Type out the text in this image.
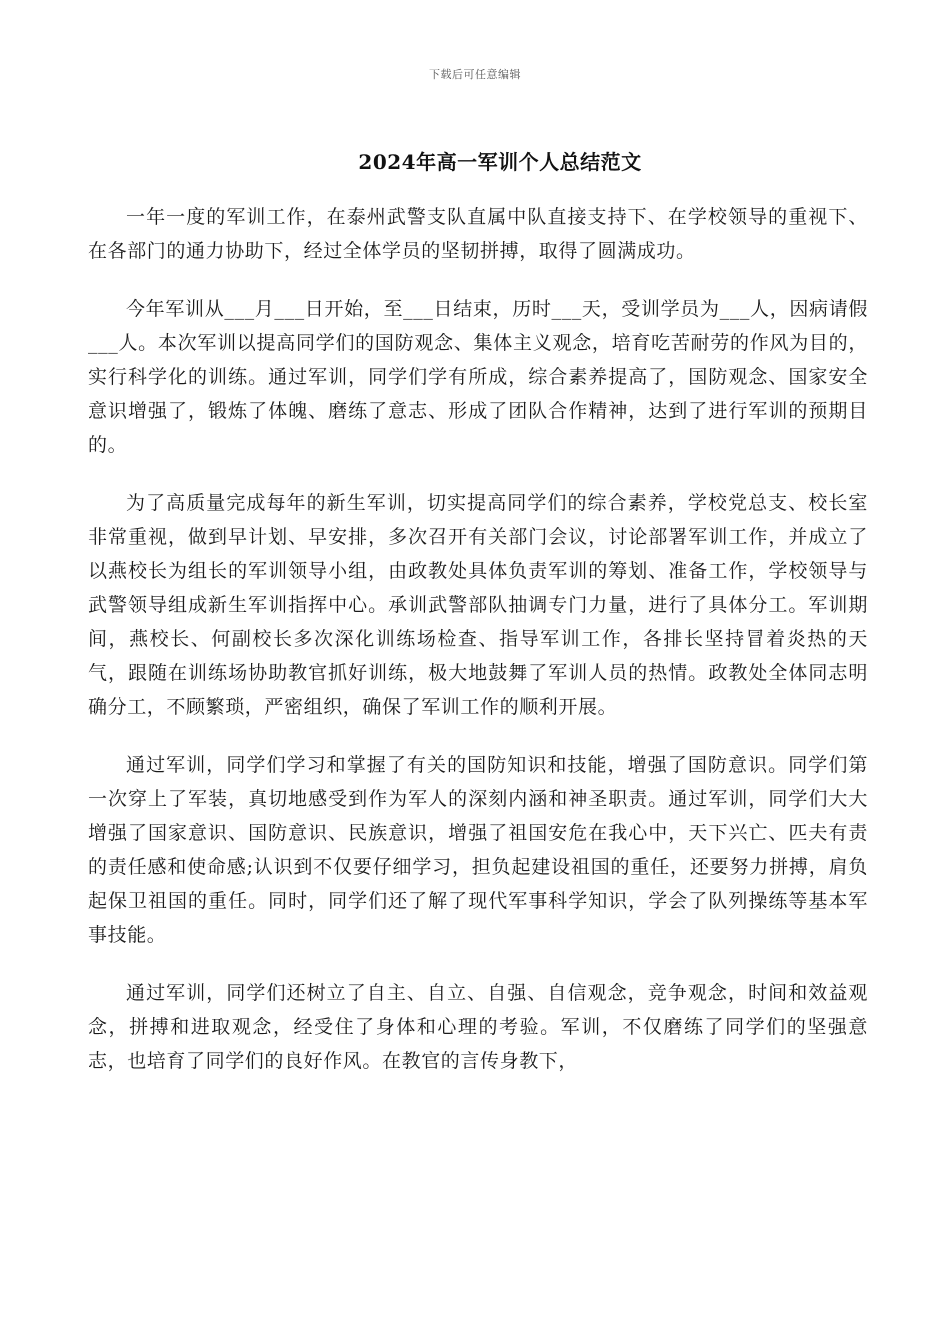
下载后可任意编辑
2024年高一军训个人总结范文

一年一度的军训工作，在泰州武警支队直属中队直接支持下、在学校领导的重视下、在各部门的通力协助下，经过全体学员的坚韧拼搏，取得了圆满成功。

今年军训从___月___日开始，至___日结束，历时___天，受训学员为___人，因病请假___人。本次军训以提高同学们的国防观念、集体主义观念，培育吃苦耐劳的作风为目的，实行科学化的训练。通过军训，同学们学有所成，综合素养提高了，国防观念、国家安全意识增强了，锻炼了体魄、磨练了意志、形成了团队合作精神，达到了进行军训的预期目的。

为了高质量完成每年的新生军训，切实提高同学们的综合素养，学校党总支、校长室非常重视，做到早计划、早安排，多次召开有关部门会议，讨论部署军训工作，并成立了以燕校长为组长的军训领导小组，由政教处具体负责军训的筹划、准备工作，学校领导与武警领导组成新生军训指挥中心。承训武警部队抽调专门力量，进行了具体分工。军训期间，燕校长、何副校长多次深化训练场检查、指导军训工作，各排长坚持冒着炎热的天气，跟随在训练场协助教官抓好训练，极大地鼓舞了军训人员的热情。政教处全体同志明确分工，不顾繁琐，严密组织，确保了军训工作的顺利开展。

通过军训，同学们学习和掌握了有关的国防知识和技能，增强了国防意识。同学们第一次穿上了军装，真切地感受到作为军人的深刻内涵和神圣职责。通过军训，同学们大大增强了国家意识、国防意识、民族意识，增强了祖国安危在我心中，天下兴亡、匹夫有责的责任感和使命感;认识到不仅要仔细学习，担负起建设祖国的重任，还要努力拼搏，肩负起保卫祖国的重任。同时，同学们还了解了现代军事科学知识，学会了队列操练等基本军事技能。

通过军训，同学们还树立了自主、自立、自强、自信观念，竞争观念，时间和效益观念，拼搏和进取观念，经受住了身体和心理的考验。军训，不仅磨练了同学们的坚强意志，也培育了同学们的良好作风。在教官的言传身教下，
